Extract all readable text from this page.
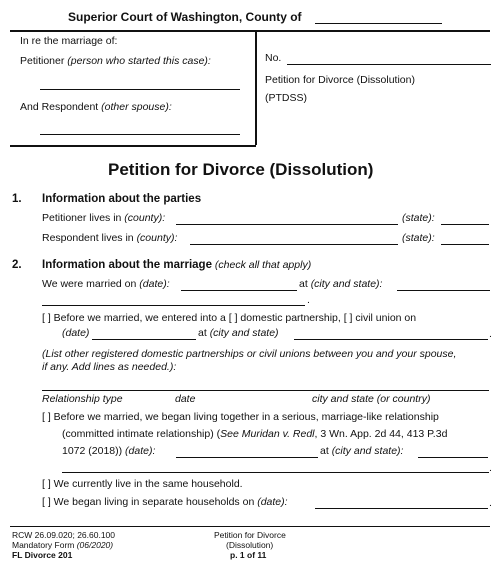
Superior Court of Washington, County of
In re the marriage of:
Petitioner (person who started this case):
And Respondent (other spouse):
No.
Petition for Divorce (Dissolution)
(PTDSS)
Petition for Divorce (Dissolution)
1. Information about the parties
Petitioner lives in (county):	(state):
Respondent lives in (county):	(state):
2. Information about the marriage (check all that apply)
We were married on (date):	at (city and state):
.
[ ] Before we married, we entered into a [ ] domestic partnership, [ ] civil union on
(date)	at (city and state)	.
(List other registered domestic partnerships or civil unions between you and your spouse,
if any. Add lines as needed.):
Relationship type	date	city and state (or country)
[ ] Before we married, we began living together in a serious, marriage-like relationship
(committed intimate relationship) (See Muridan v. Redl, 3 Wn. App. 2d 44, 413 P.3d
1072 (2018)) (date):	at (city and state):
.
[ ] We currently live in the same household.
[ ] We began living in separate households on (date):	.
RCW 26.09.020; 26.60.100
Mandatory Form (06/2020)
FL Divorce 201
Petition for Divorce
(Dissolution)
p. 1 of 11
